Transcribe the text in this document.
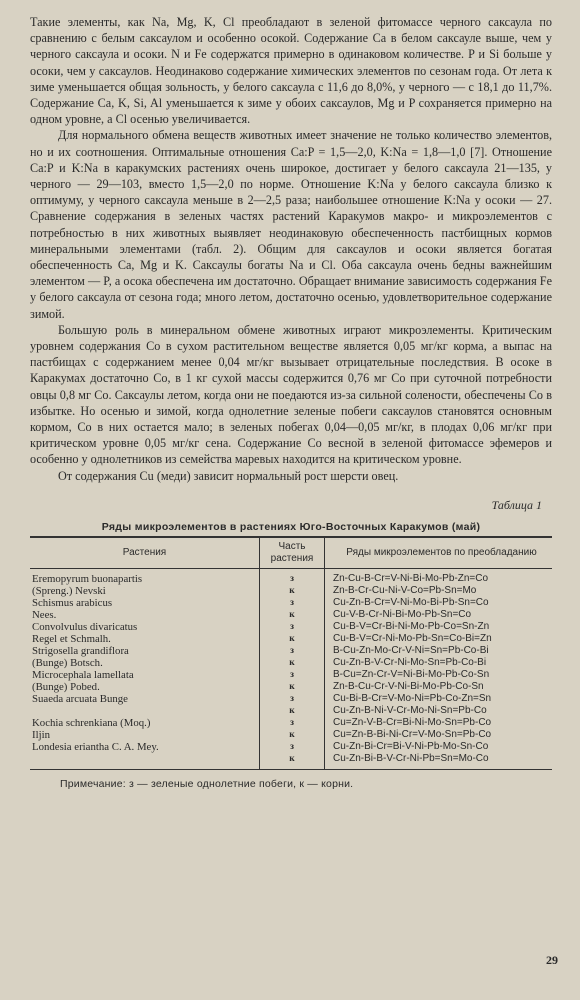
Такие элементы, как Na, Mg, K, Cl преобладают в зеленой фитомассе черного саксаула по сравнению с белым саксаулом и особенно осокой. Содержание Ca в белом саксауле выше, чем у черного саксаула и осоки. N и Fe содержатся примерно в одинаковом количестве. P и Si больше у осоки, чем у саксаулов. Неодинаково содержание химических элементов по сезонам года. От лета к зиме уменьшается общая зольность, у белого саксаула с 11,6 до 8,0%, у черного — с 18,1 до 11,7%. Содержание Ca, K, Si, Al уменьшается к зиме у обоих саксаулов, Mg и P сохраняется примерно на одном уровне, а Cl осенью увеличивается.

Для нормального обмена веществ животных имеет значение не только количество элементов, но и их соотношения. Оптимальные отношения Ca:P = 1,5—2,0, K:Na = 1,8—1,0 [7]. Отношение Ca:P и K:Na в каракумских растениях очень широкое, достигает у белого саксаула 21—135, у черного — 29—103, вместо 1,5—2,0 по норме. Отношение K:Na у белого саксаула близко к оптимуму, у черного саксаула меньше в 2—2,5 раза; наибольшее отношение K:Na у осоки — 27. Сравнение содержания в зеленых частях растений Каракумов макро- и микроэлементов с потребностью в них животных выявляет неодинаковую обеспеченность пастбищных кормов минеральными элементами (табл. 2). Общим для саксаулов и осоки является богатая обеспеченность Ca, Mg и K. Саксаулы богаты Na и Cl. Оба саксаула очень бедны важнейшим элементом — P, а осока обеспечена им достаточно. Обращает внимание зависимость содержания Fe у белого саксаула от сезона года; много летом, достаточно осенью, удовлетворительное содержание зимой.

Большую роль в минеральном обмене животных играют микроэлементы. Критическим уровнем содержания Co в сухом растительном веществе является 0,05 мг/кг корма, а выпас на пастбищах с содержанием менее 0,04 мг/кг вызывает отрицательные последствия. В осоке в Каракумах достаточно Co, в 1 кг сухой массы содержится 0,76 мг Co при суточной потребности овцы 0,8 мг Co. Саксаулы летом, когда они не поедаются из-за сильной солености, обеспечены Co в избытке. Но осенью и зимой, когда однолетние зеленые побеги саксаулов становятся основным кормом, Co в них остается мало; в зеленых побегах 0,04—0,05 мг/кг, в плодах 0,06 мг/кг при критическом уровне 0,05 мг/кг сена. Содержание Co весной в зеленой фитомассе эфемеров и особенно у однолетников из семейства маревых находится на критическом уровне.

От содержания Cu (меди) зависит нормальный рост шерсти овец.

Таблица 1
Ряды микроэлементов в растениях Юго-Восточных Каракумов (май)
Растения	Часть растения	Ряды микроэлементов по преобладанию
Eremopyrum buonapartis	з	Zn-Cu-B-Cr=V-Ni-Bi-Mo-Pb-Zn=Co
(Spreng.) Nevski	к	Zn-B-Cr-Cu-Ni-V-Co=Pb-Sn=Mo
Schismus arabicus	з	Cu-Zn-B-Cr=V-Ni-Mo-Bi-Pb-Sn=Co
Nees.	к	Cu-V-B-Cr-Ni-Bi-Mo-Pb-Sn=Co
Convolvulus divaricatus	з	Cu-B-V=Cr-Bi-Ni-Mo-Pb-Co=Sn-Zn
Regel et Schmalh.	к	Cu-B-V=Cr-Ni-Mo-Pb-Sn=Co-Bi=Zn
Strigosella grandiflora	з	B-Cu-Zn-Mo-Cr-V-Ni=Sn=Pb-Co-Bi
(Bunge) Botsch.	к	Cu-Zn-B-V-Cr-Ni-Mo-Sn=Pb-Co-Bi
Microcephala lamellata	з	B-Cu=Zn-Cr-V=Ni-Bi-Mo-Pb-Co-Sn
(Bunge) Pobed.	к	Zn-B-Cu-Cr-V-Ni-Bi-Mo-Pb-Co-Sn
Suaeda arcuata Bunge	з	Cu-Bi-B-Cr=V-Mo-Ni=Pb-Co-Zn=Sn
	к	Cu-Zn-B-Ni-V-Cr-Mo-Ni-Sn=Pb-Co
Kochia schrenkiana (Moq.)	з	Cu=Zn-V-B-Cr=Bi-Ni-Mo-Sn=Pb-Co
Iljin	к	Cu=Zn-B-Bi-Ni-Cr=V-Mo-Sn=Pb-Co
Londesia eriantha C. A. Mey.	з	Cu-Zn-Bi-Cr=Bi-V-Ni-Pb-Mo-Sn-Co
	к	Cu-Zn-Bi-B-V-Cr-Ni-Pb=Sn=Mo-Co
Примечание: з — зеленые однолетние побеги, к — корни.
29
